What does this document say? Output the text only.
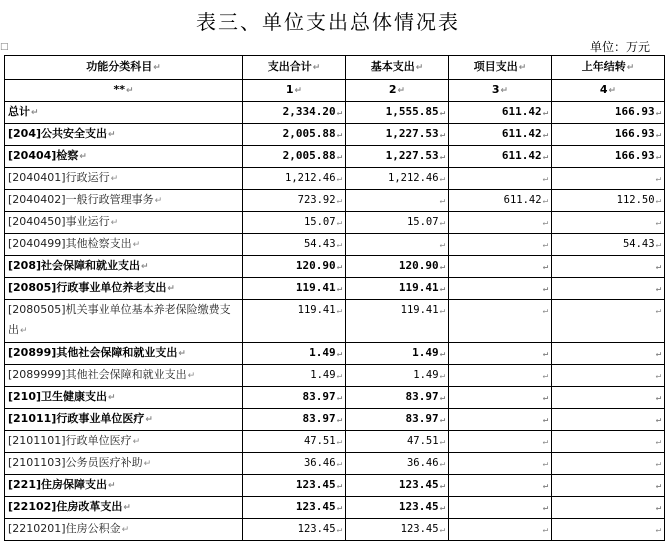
表三、单位支出总体情况表
□	单位：万元
功能分类科目↵	支出合计↵	基本支出↵	项目支出↵	上年结转↵
**↵	1↵	2↵	3↵	4↵
总计↵	2,334.20↵	1,555.85↵	611.42↵	166.93↵
[204]公共安全支出↵	2,005.88↵	1,227.53↵	611.42↵	166.93↵
[20404]检察↵	2,005.88↵	1,227.53↵	611.42↵	166.93↵
[2040401]行政运行↵	1,212.46↵	1,212.46↵	↵	↵
[2040402]一般行政管理事务↵	723.92↵	↵	611.42↵	112.50↵
[2040450]事业运行↵	15.07↵	15.07↵	↵	↵
[2040499]其他检察支出↵	54.43↵	↵	↵	54.43↵
[208]社会保障和就业支出↵	120.90↵	120.90↵	↵	↵
[20805]行政事业单位养老支出↵	119.41↵	119.41↵	↵	↵
[2080505]机关事业单位基本养老保险缴费支出↵	119.41↵	119.41↵	↵	↵
[20899]其他社会保障和就业支出↵	1.49↵	1.49↵	↵	↵
[2089999]其他社会保障和就业支出↵	1.49↵	1.49↵	↵	↵
[210]卫生健康支出↵	83.97↵	83.97↵	↵	↵
[21011]行政事业单位医疗↵	83.97↵	83.97↵	↵	↵
[2101101]行政单位医疗↵	47.51↵	47.51↵	↵	↵
[2101103]公务员医疗补助↵	36.46↵	36.46↵	↵	↵
[221]住房保障支出↵	123.45↵	123.45↵	↵	↵
[22102]住房改革支出↵	123.45↵	123.45↵	↵	↵
[2210201]住房公积金↵	123.45↵	123.45↵	↵	↵
